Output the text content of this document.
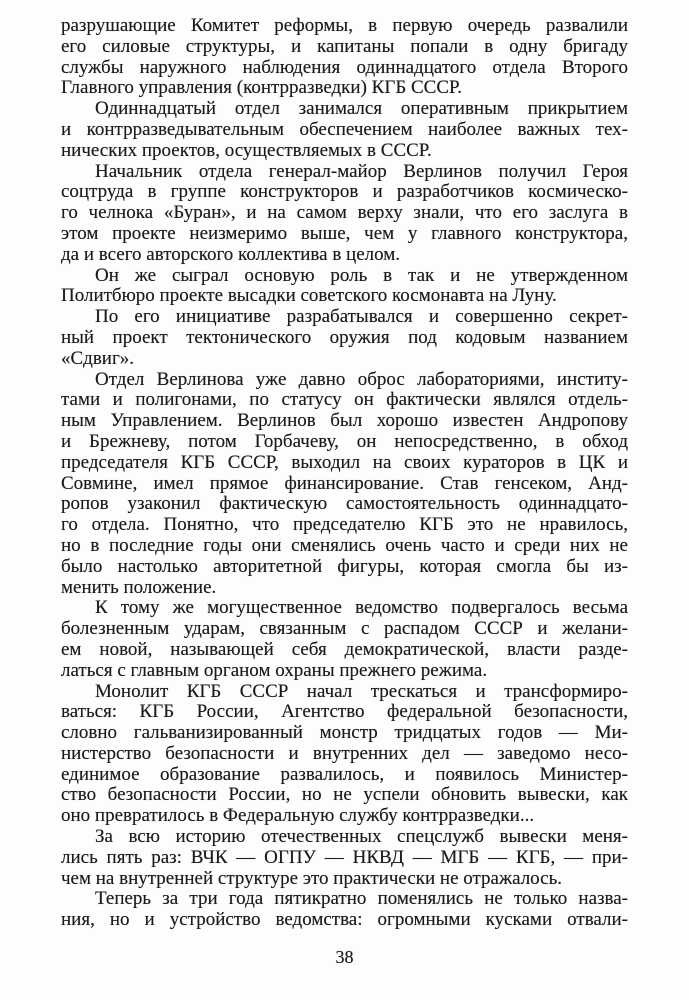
разрушающие Комитет реформы, в первую очередь развалили
его силовые структуры, и капитаны попали в одну бригаду
службы наружного наблюдения одиннадцатого отдела Второго
Главного управления (контрразведки) КГБ СССР.

Одиннадцатый отдел занимался оперативным прикрытием
и контрразведывательным обеспечением наиболее важных тех-
нических проектов, осуществляемых в СССР.

Начальник отдела генерал-майор Верлинов получил Героя
соцтруда в группе конструкторов и разработчиков космическо-
го челнока «Буран», и на самом верху знали, что его заслуга в
этом проекте неизмеримо выше, чем у главного конструктора,
да и всего авторского коллектива в целом.

Он же сыграл основую роль в так и не утвержденном
Политбюро проекте высадки советского космонавта на Луну.

По его инициативе разрабатывался и совершенно секрет-
ный проект тектонического оружия под кодовым названием
«Сдвиг».

Отдел Верлинова уже давно оброс лабораториями, институ-
тами и полигонами, по статусу он фактически являлся отдель-
ным Управлением. Верлинов был хорошо известен Андропову
и Брежневу, потом Горбачеву, он непосредственно, в обход
председателя КГБ СССР, выходил на своих кураторов в ЦК и
Совмине, имел прямое финансирование. Став генсеком, Анд-
ропов узаконил фактическую самостоятельность одиннадцато-
го отдела. Понятно, что председателю КГБ это не нравилось,
но в последние годы они сменялись очень часто и среди них не
было настолько авторитетной фигуры, которая смогла бы из-
менить положение.

К тому же могущественное ведомство подвергалось весьма
болезненным ударам, связанным с распадом СССР и желани-
ем новой, называющей себя демократической, власти разде-
латься с главным органом охраны прежнего режима.

Монолит КГБ СССР начал трескаться и трансформиро-
ваться: КГБ России, Агентство федеральной безопасности,
словно гальванизированный монстр тридцатых годов — Ми-
нистерство безопасности и внутренних дел — заведомо несо-
единимое образование развалилось, и появилось Министер-
ство безопасности России, но не успели обновить вывески, как
оно превратилось в Федеральную службу контрразведки...

За всю историю отечественных спецслужб вывески меня-
лись пять раз: ВЧК — ОГПУ — НКВД — МГБ — КГБ, — при-
чем на внутренней структуре это практически не отражалось.

Теперь за три года пятикратно поменялись не только назва-
ния, но и устройство ведомства: огромными кусками отвали-

38
